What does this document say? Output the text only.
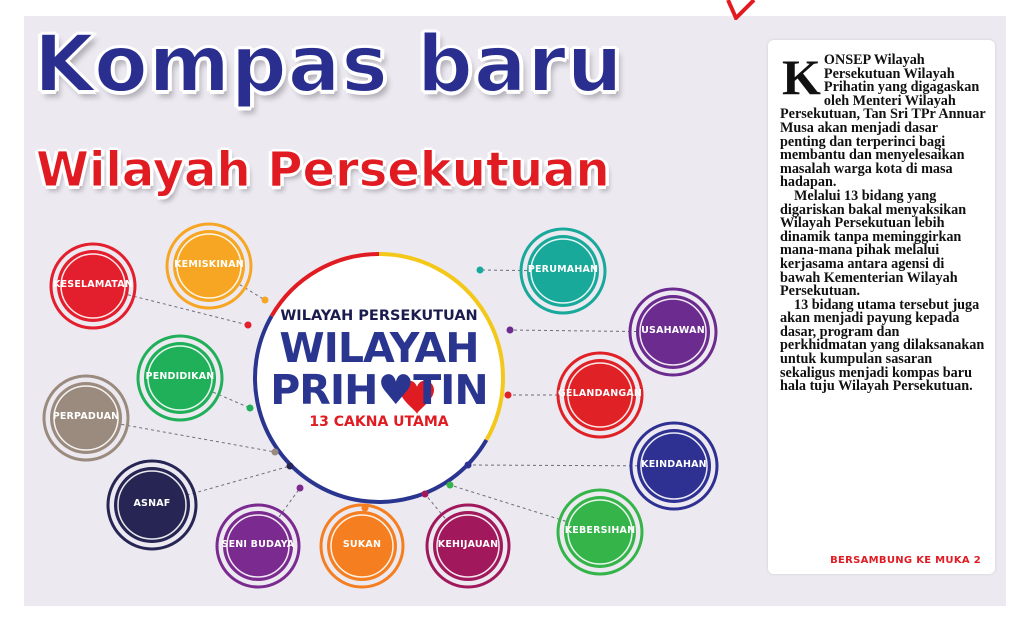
Kompas baru
Wilayah Persekutuan
WILAYAH PERSEKUTUAN
WILAYAH
PRIH♥TIN
13 CAKNA UTAMA
KESELAMATAN
KEMISKINAN
PENDIDIKAN
PERPADUAN
ASNAF
SENI BUDAYA	SUKAN	KEHIJAUAN
KEBERSIHAN
KEINDAHAN
GELANDANGAN
USAHAWAN
PERUMAHAN
K ONSEP Wilayah Persekutuan Wilayah Prihatin yang digagaskan oleh Menteri Wilayah Persekutuan, Tan Sri TPr Annuar Musa akan menjadi dasar penting dan terperinci bagi membantu dan menyelesaikan masalah warga kota di masa hadapan.

Melalui 13 bidang yang digariskan bakal menyaksikan Wilayah Persekutuan lebih dinamik tanpa meminggirkan mana-mana pihak melalui kerjasama antara agensi di bawah Kementerian Wilayah Persekutuan.

13 bidang utama tersebut juga akan menjadi payung kepada dasar, program dan perkhidmatan yang dilaksanakan untuk kumpulan sasaran sekaligus menjadi kompas baru hala tuju Wilayah Persekutuan.

BERSAMBUNG KE MUKA 2
